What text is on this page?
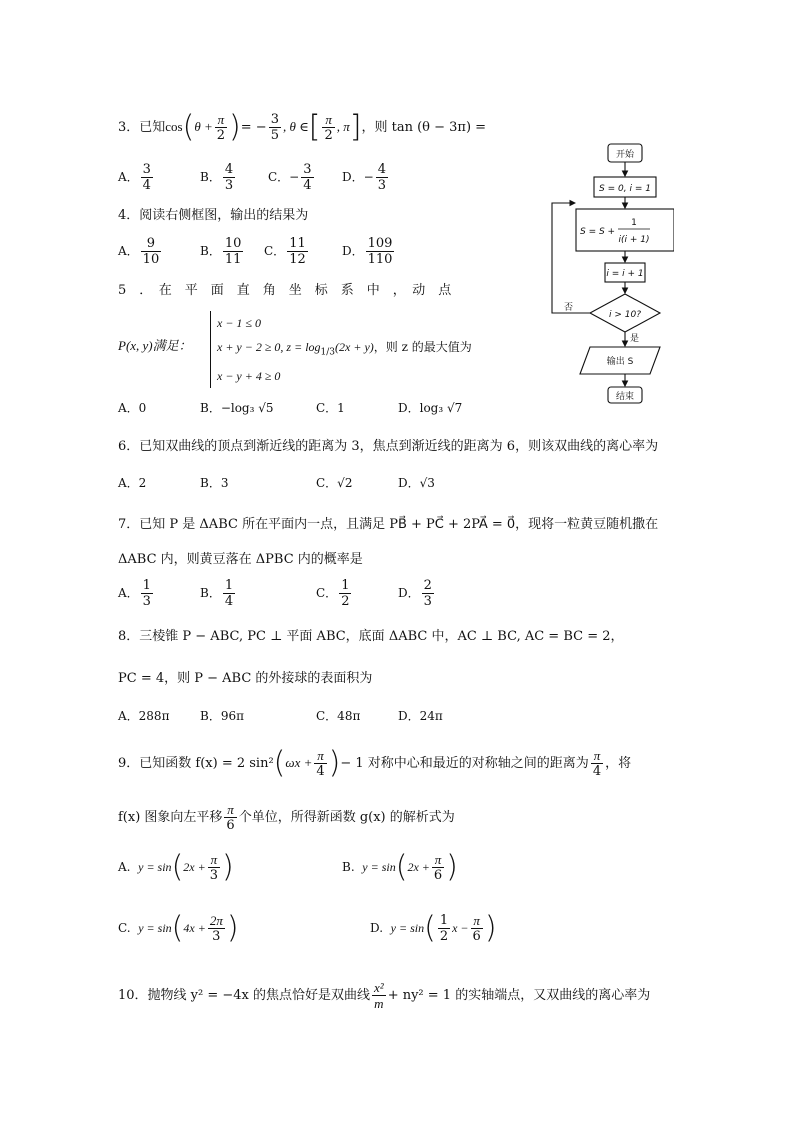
3．已知$\cos(\theta + \frac{\pi}{2}$ )= − $\frac{3}{5}$ , θ ∈[ $\frac{\pi}{2}$ , π]，则 tan (θ − 3π) =
A． $\frac{3}{4}$	B． $\frac{4}{3}$	C．− $\frac{3}{4}$ D．− $\frac{4}{3}$
4．阅读右侧框图，输出的结果为
A． $\frac{9}{10}$	B． $\frac{10}{11}$ C． $\frac{11}{12}$	D． $\frac{109}{110}$
5　．　在　平　面　直　角　坐　标　系　中　，　动　点
P(x, y)满足：
x − 1 ≤ 0
x + y − 2 ≥ 0, $z = \log_{1/3}(2x + y)$，则 z 的最大值为
x − y + 4 ≥ 0
A．0	B．−log₃ √5	C．1	D．log₃ √7
6．已知双曲线的顶点到渐近线的距离为 3，焦点到渐近线的距离为 6，则该双曲线的离心率为
A．2	B．3	C．√2	D．√3
7．已知 P 是 ΔABC 所在平面内一点，且满足 PB⃗ + PC⃗ + 2PA⃗ = 0⃗，现将一粒黄豆随机撒在
ΔABC 内，则黄豆落在 ΔPBC 内的概率是
A． $\frac{1}{3}$	B． $\frac{1}{4}$	C． $\frac{1}{2}$	D． $\frac{2}{3}$
8．三棱锥 P − ABC, PC ⊥ 平面 ABC，底面 ΔABC 中，AC ⊥ BC, AC = BC = 2，
PC = 4，则 P − ABC 的外接球的表面积为
A．288π	B．96π	C．48π	D．24π
9．已知函数 f(x) = 2 $\sin^2(\omega x + \frac{\pi}{4}$ )− 1 对称中心和最近的对称轴之间的距离为 $\frac{\pi}{4}$ ，将
f(x) 图象向左平移 $\frac{\pi}{6}$ 个单位，所得新函数 g(x) 的解析式为
A. $y = \sin(2x + \frac{\pi}{3}$ )	B. $y = \sin(2x + \frac{\pi}{6}$ )
C. $y = \sin(4x + \frac{2\pi}{3}$ )	D. $y = \sin( \frac{1}{2}$ $x - \frac{\pi}{6}$ )
10．抛物线 y² = −4x 的焦点恰好是双曲线 $\frac{\text{x²}}{m} + ny^2 = 1$ 的实轴端点，又双曲线的离心率为
开始
S = 0, i = 1
S = S +
1
i(i + 1)
i = i + 1
i > 10?
否
是
输出 S
结束
